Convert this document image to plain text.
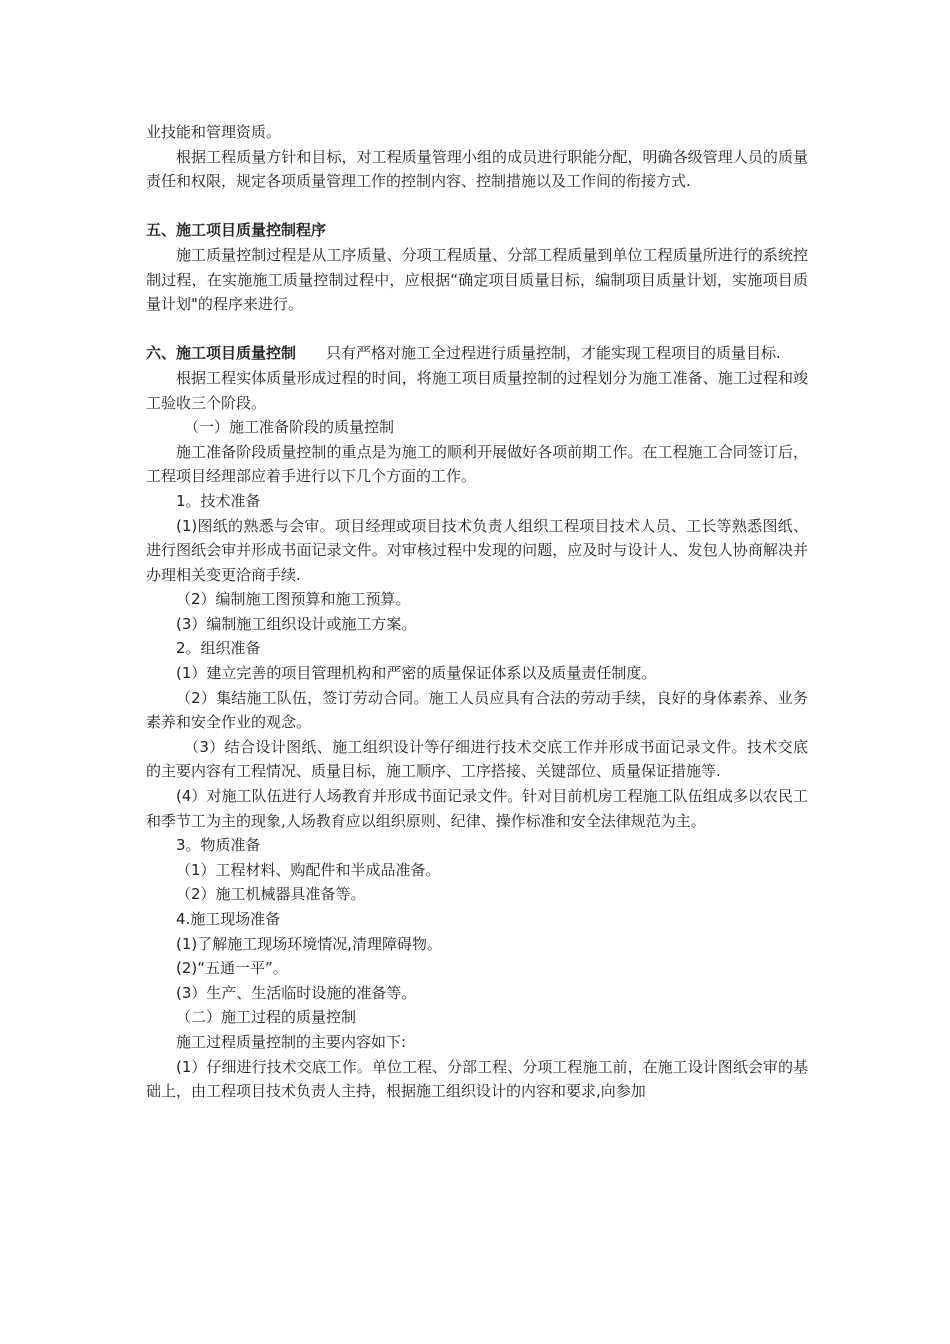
业技能和管理资质。

根据工程质量方针和目标，对工程质量管理小组的成员进行职能分配，明确各级管理人员的质量责任和权限，规定各项质量管理工作的控制内容、控制措施以及工作间的衔接方式.

五、施工项目质量控制程序

施工质量控制过程是从工序质量、分项工程质量、分部工程质量到单位工程质量所进行的系统控制过程，在实施施工质量控制过程中，应根据“确定项目质量目标，编制项目质量计划，实施项目质量计划"的程序来进行。

六、施工项目质量控制 只有严格对施工全过程进行质量控制，才能实现工程项目的质量目标.

根据工程实体质量形成过程的时间，将施工项目质量控制的过程划分为施工准备、施工过程和竣工验收三个阶段。

（一）施工准备阶段的质量控制

施工准备阶段质量控制的重点是为施工的顺利开展做好各项前期工作。在工程施工合同签订后，工程项目经理部应着手进行以下几个方面的工作。

1。技术准备

(1)图纸的熟悉与会审。项目经理或项目技术负责人组织工程项目技术人员、工长等熟悉图纸、进行图纸会审并形成书面记录文件。对审核过程中发现的问题，应及时与设计人、发包人协商解决并办理相关变更洽商手续.

（2）编制施工图预算和施工预算。

(3）编制施工组织设计或施工方案。

2。组织准备

(1）建立完善的项目管理机构和严密的质量保证体系以及质量责任制度。

（2）集结施工队伍，签订劳动合同。施工人员应具有合法的劳动手续，良好的身体素养、业务素养和安全作业的观念。

（3）结合设计图纸、施工组织设计等仔细进行技术交底工作并形成书面记录文件。技术交底的主要内容有工程情况、质量目标，施工顺序、工序搭接、关键部位、质量保证措施等.

(4）对施工队伍进行人场教育并形成书面记录文件。针对目前机房工程施工队伍组成多以农民工和季节工为主的现象,人场教育应以组织原则、纪律、操作标准和安全法律规范为主。

3。物质准备

（1）工程材料、购配件和半成品准备。

（2）施工机械器具准备等。

4.施工现场准备

(1)了解施工现场环境情况,清理障碍物。

(2)“五通一平”。

(3）生产、生活临时设施的准备等。

（二）施工过程的质量控制

施工过程质量控制的主要内容如下:

(1）仔细进行技术交底工作。单位工程、分部工程、分项工程施工前，在施工设计图纸会审的基础上，由工程项目技术负责人主持，根据施工组织设计的内容和要求,向参加
